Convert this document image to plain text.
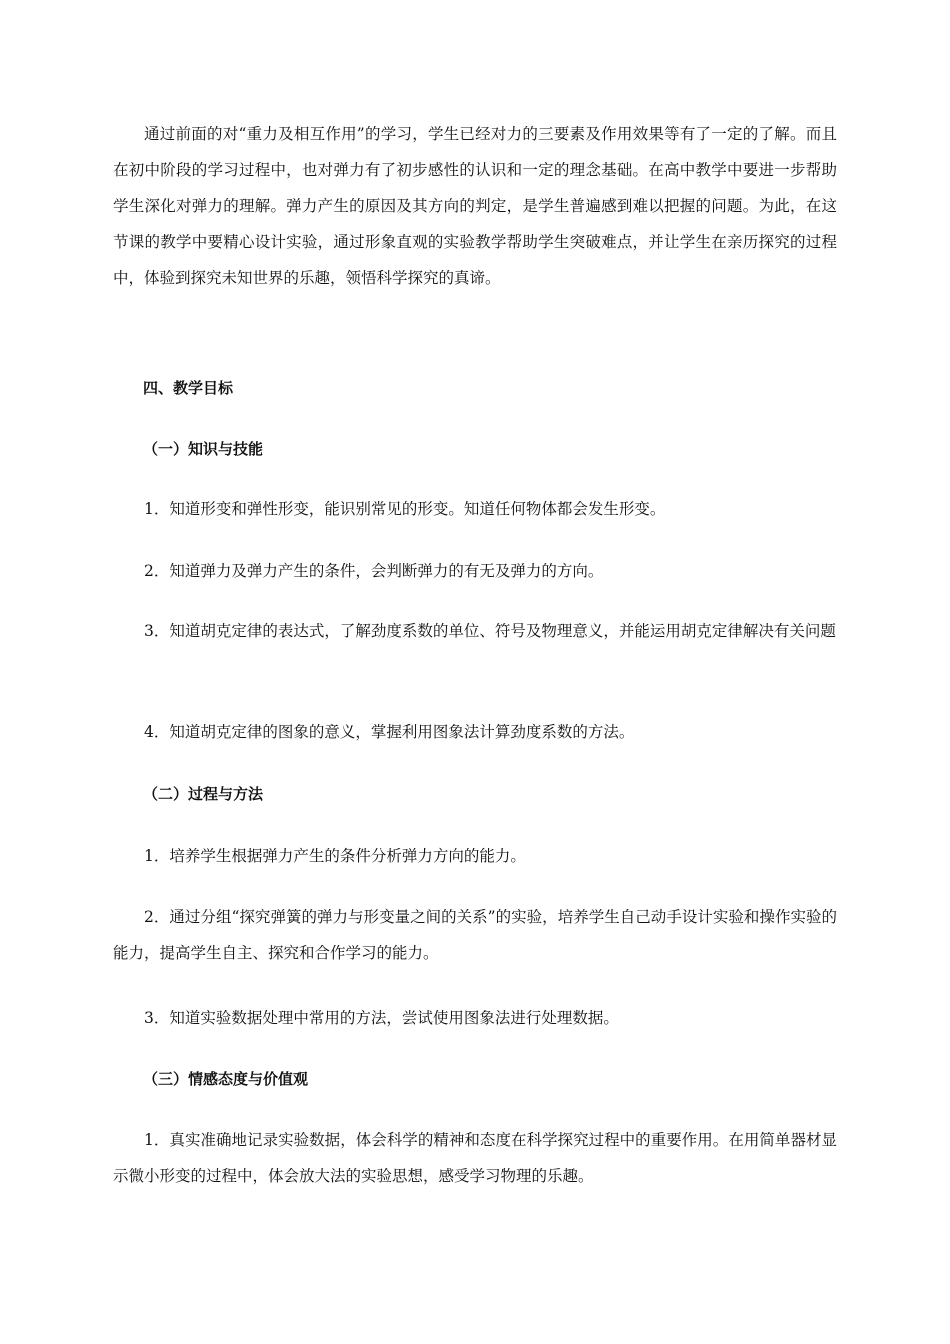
通过前面的对“重力及相互作用”的学习，学生已经对力的三要素及作用效果等有了一定的了解。而且在初中阶段的学习过程中，也对弹力有了初步感性的认识和一定的理念基础。在高中教学中要进一步帮助学生深化对弹力的理解。弹力产生的原因及其方向的判定，是学生普遍感到难以把握的问题。为此，在这节课的教学中要精心设计实验，通过形象直观的实验教学帮助学生突破难点，并让学生在亲历探究的过程中，体验到探究未知世界的乐趣，领悟科学探究的真谛。

四、教学目标

（一）知识与技能

1．知道形变和弹性形变，能识别常见的形变。知道任何物体都会发生形变。

2．知道弹力及弹力产生的条件，会判断弹力的有无及弹力的方向。

3．知道胡克定律的表达式，了解劲度系数的单位、符号及物理意义，并能运用胡克定律解决有关问题

4．知道胡克定律的图象的意义，掌握利用图象法计算劲度系数的方法。

（二）过程与方法

1．培养学生根据弹力产生的条件分析弹力方向的能力。

2．通过分组“探究弹簧的弹力与形变量之间的关系”的实验，培养学生自己动手设计实验和操作实验的能力，提高学生自主、探究和合作学习的能力。

3．知道实验数据处理中常用的方法，尝试使用图象法进行处理数据。

（三）情感态度与价值观

1．真实准确地记录实验数据，体会科学的精神和态度在科学探究过程中的重要作用。在用简单器材显示微小形变的过程中，体会放大法的实验思想，感受学习物理的乐趣。
